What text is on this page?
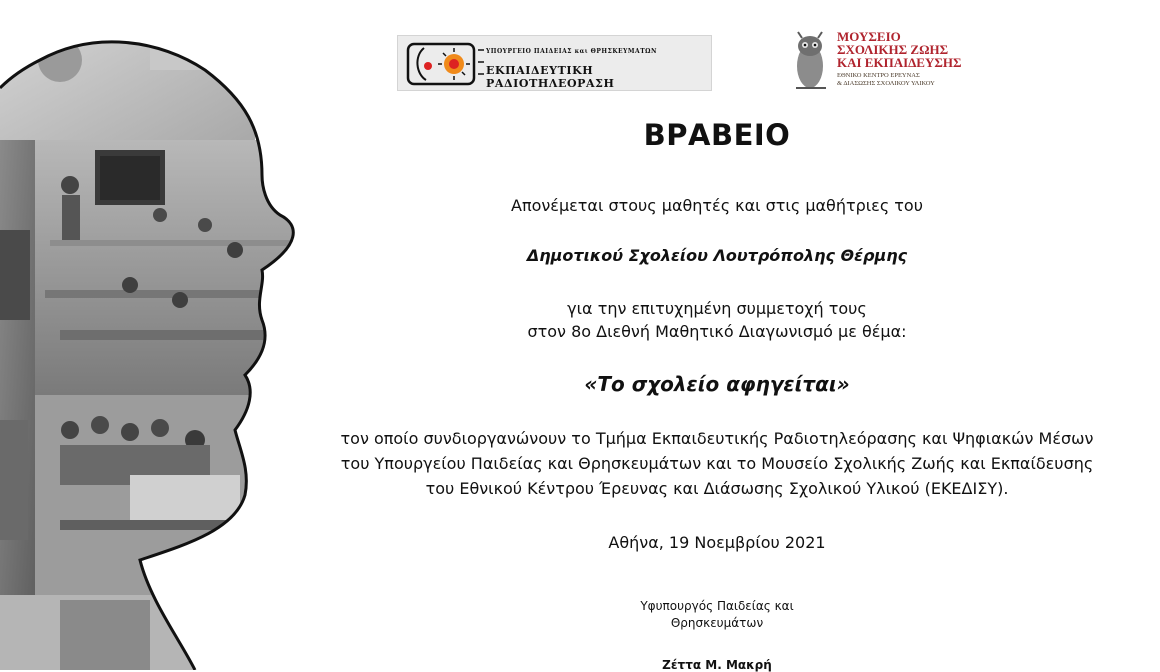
ΥΠΟΥΡΓΕΙΟ ΠΑΙΔΕΙΑΣ και ΘΡΗΣΚΕΥΜΑΤΩΝ
ΕΚΠΑΙΔΕΥΤΙΚΗ ΡΑΔΙΟΤΗΛΕΟΡΑΣΗ
ΜΟΥΣΕΙΟ
ΣΧΟΛΙΚΗΣ ΖΩΗΣ
ΚΑΙ ΕΚΠΑΙΔΕΥΣΗΣ
ΕΘΝΙΚΟ ΚΕΝΤΡΟ ΕΡΕΥΝΑΣ
& ΔΙΑΣΩΣΗΣ ΣΧΟΛΙΚΟΥ ΥΛΙΚΟΥ
ΒΡΑΒΕΙΟ
Απονέμεται στους μαθητές και στις μαθήτριες του
Δημοτικού Σχολείου Λουτρόπολης Θέρμης
για την επιτυχημένη συμμετοχή τους
στον 8ο Διεθνή Μαθητικό Διαγωνισμό με θέμα:
«Το σχολείο αφηγείται»
τον οποίο συνδιοργανώνουν το Τμήμα Εκπαιδευτικής Ραδιοτηλεόρασης και Ψηφιακών Μέσων
του Υπουργείου Παιδείας και Θρησκευμάτων και το Μουσείο Σχολικής Ζωής και Εκπαίδευσης
του Εθνικού Κέντρου Έρευνας και Διάσωσης Σχολικού Υλικού (ΕΚΕΔΙΣΥ).
Αθήνα, 19 Νοεμβρίου 2021
Υφυπουργός Παιδείας και
Θρησκευμάτων
Ζέττα Μ. Μακρή
